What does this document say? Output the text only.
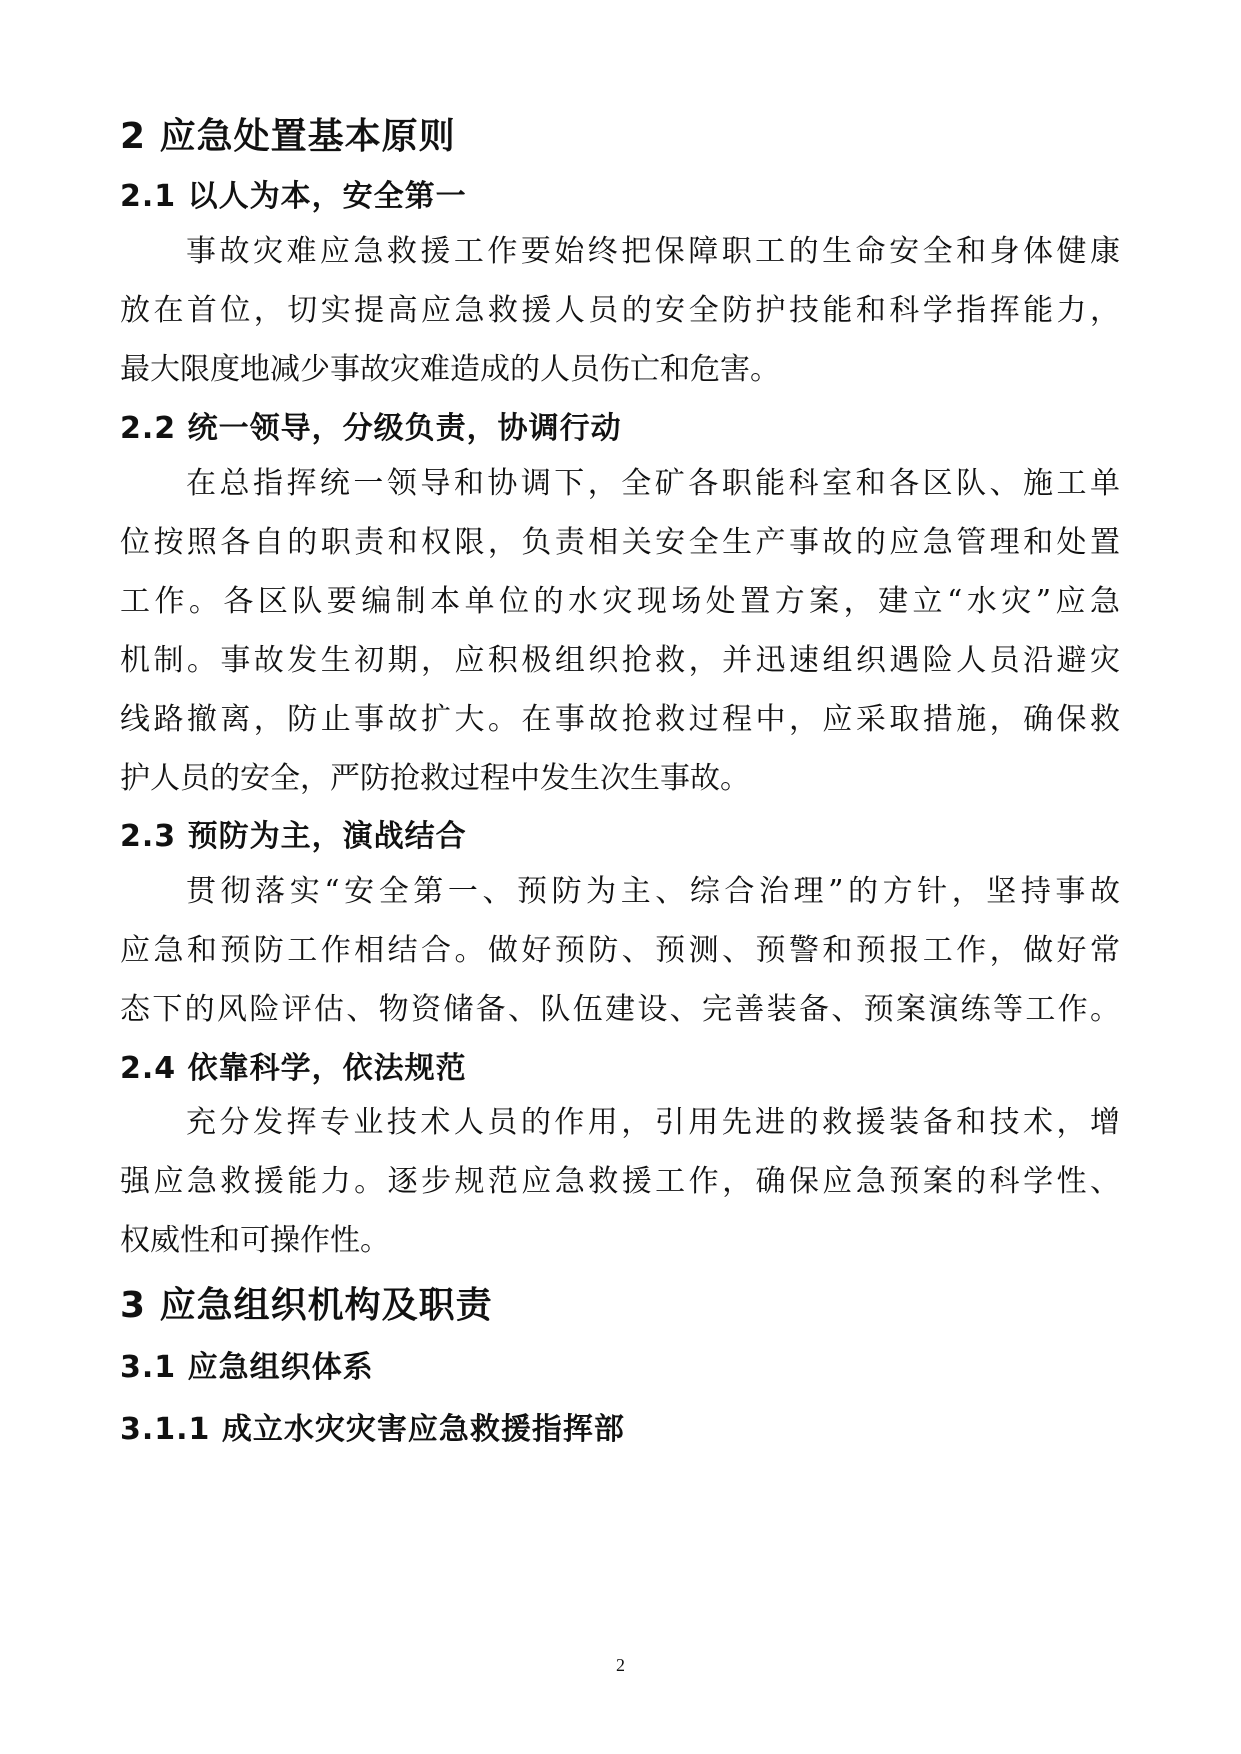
2 应急处置基本原则
2.1 以人为本，安全第一
事故灾难应急救援工作要始终把保障职工的生命安全和身体健康
放在首位，切实提高应急救援人员的安全防护技能和科学指挥能力，
最大限度地减少事故灾难造成的人员伤亡和危害。
2.2 统一领导，分级负责，协调行动
在总指挥统一领导和协调下，全矿各职能科室和各区队、施工单
位按照各自的职责和权限，负责相关安全生产事故的应急管理和处置
工作。各区队要编制本单位的水灾现场处置方案，建立“水灾”应急
机制。事故发生初期，应积极组织抢救，并迅速组织遇险人员沿避灾
线路撤离，防止事故扩大。在事故抢救过程中，应采取措施，确保救
护人员的安全，严防抢救过程中发生次生事故。
2.3 预防为主，演战结合
贯彻落实“安全第一、预防为主、综合治理”的方针，坚持事故
应急和预防工作相结合。做好预防、预测、预警和预报工作，做好常
态下的风险评估、物资储备、队伍建设、完善装备、预案演练等工作。
2.4 依靠科学，依法规范
充分发挥专业技术人员的作用，引用先进的救援装备和技术，增
强应急救援能力。逐步规范应急救援工作，确保应急预案的科学性、
权威性和可操作性。
3 应急组织机构及职责
3.1 应急组织体系
3.1.1 成立水灾灾害应急救援指挥部
2
